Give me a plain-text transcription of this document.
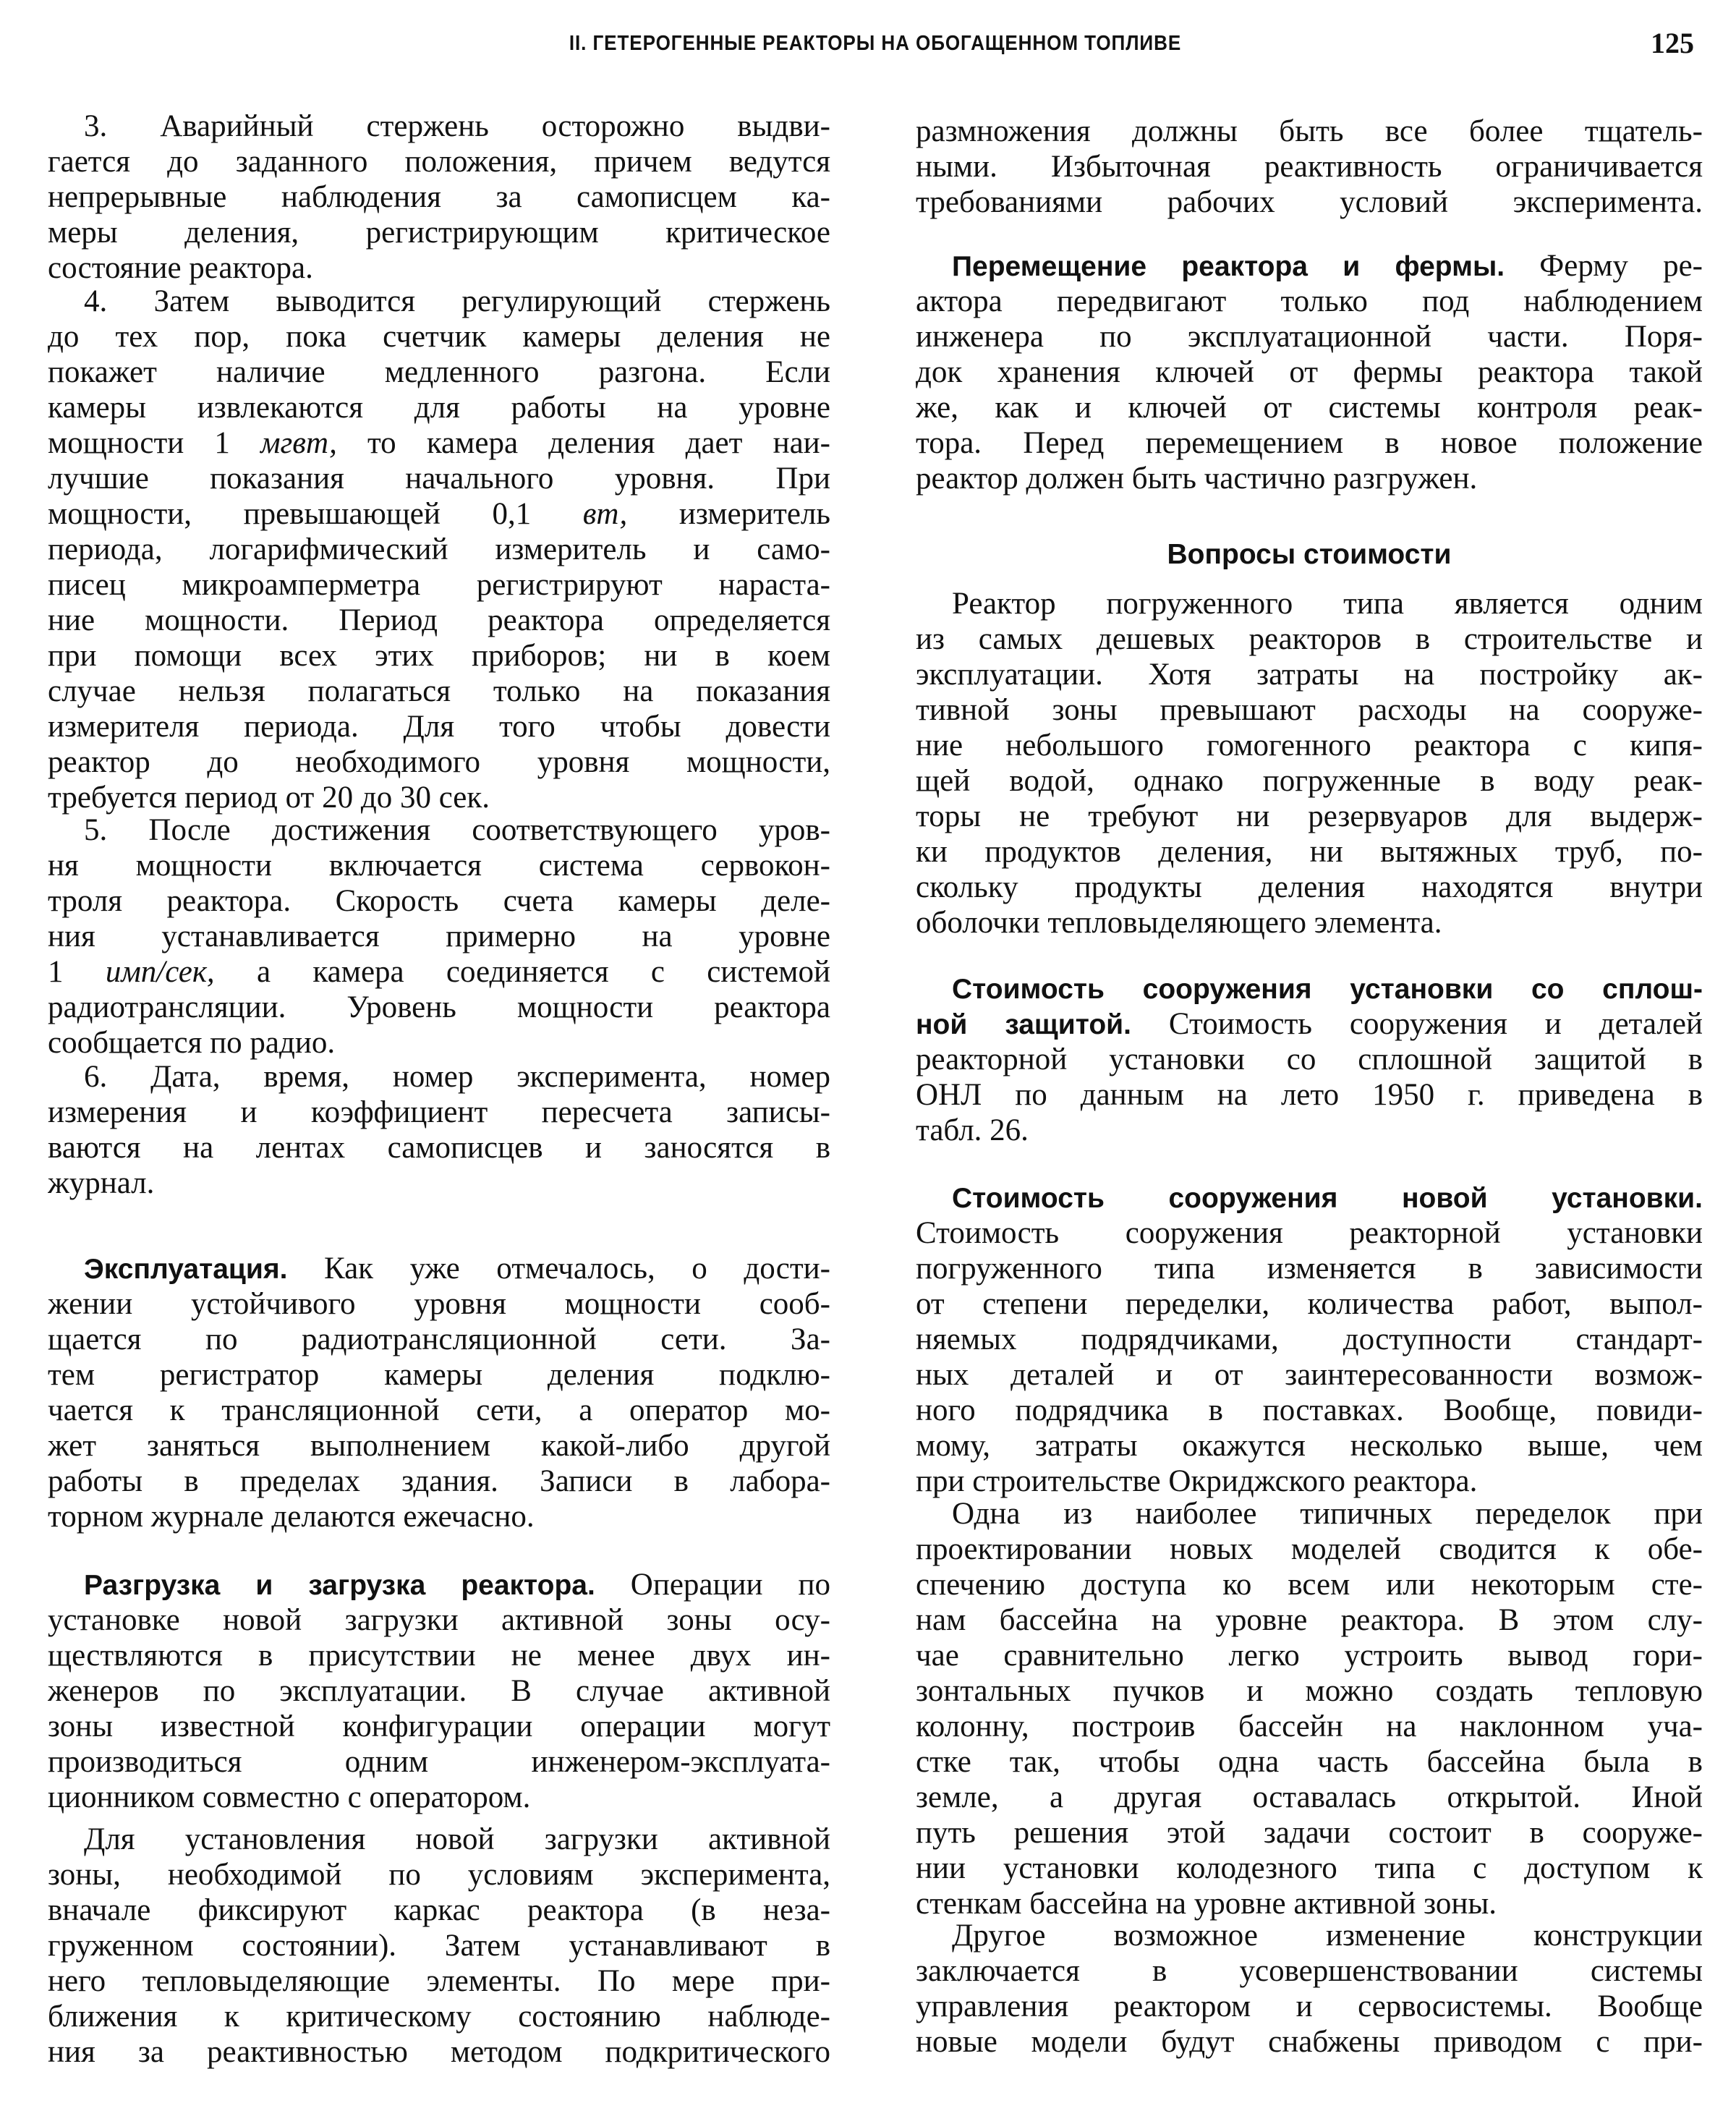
II. ГЕТЕРОГЕННЫЕ РЕАКТОРЫ НА ОБОГАЩЕННОМ ТОПЛИВЕ	125
Вопросы стоимости
3. Аварийный стержень осторожно выдви-
гается до заданного положения, причем ведутся
непрерывные наблюдения за самописцем ка-
меры деления, регистрирующим критическое
состояние реактора.
4. Затем выводится регулирующий стержень
до тех пор, пока счетчик камеры деления не
покажет наличие медленного разгона. Если
камеры извлекаются для работы на уровне
мощности 1 мгвт, то камера деления дает наи-
лучшие показания начального уровня. При
мощности, превышающей 0,1 вт, измеритель
периода, логарифмический измеритель и само-
писец микроамперметра регистрируют нараста-
ние мощности. Период реактора определяется
при помощи всех этих приборов; ни в коем
случае нельзя полагаться только на показания
измерителя периода. Для того чтобы довести
реактор до необходимого уровня мощности,
требуется период от 20 до 30 сек.
5. После достижения соответствующего уров-
ня мощности включается система сервокон-
троля реактора. Скорость счета камеры деле-
ния устанавливается примерно на уровне
1 имп/сек, а камера соединяется с системой
радиотрансляции. Уровень мощности реактора
сообщается по радио.
6. Дата, время, номер эксперимента, номер
измерения и коэффициент пересчета записы-
ваются на лентах самописцев и заносятся в
журнал.
Эксплуатация. Как уже отмечалось, о дости-
жении устойчивого уровня мощности сооб-
щается по радиотрансляционной сети. За-
тем регистратор камеры деления подклю-
чается к трансляционной сети, а оператор мо-
жет заняться выполнением какой-либо другой
работы в пределах здания. Записи в лабора-
торном журнале делаются ежечасно.
Разгрузка и загрузка реактора. Операции по
установке новой загрузки активной зоны осу-
ществляются в присутствии не менее двух ин-
женеров по эксплуатации. В случае активной
зоны известной конфигурации операции могут
производиться одним инженером-эксплуата-
ционником совместно с оператором.
Для установления новой загрузки активной
зоны, необходимой по условиям эксперимента,
вначале фиксируют каркас реактора (в неза-
груженном состоянии). Затем устанавливают в
него тепловыделяющие элементы. По мере при-
ближения к критическому состоянию наблюде-
ния за реактивностью методом подкритического
размножения должны быть все более тщатель-
ными. Избыточная реактивность ограничивается
требованиями рабочих условий эксперимента.
Перемещение реактора и фермы. Ферму ре-
актора передвигают только под наблюдением
инженера по эксплуатационной части. Поря-
док хранения ключей от фермы реактора такой
же, как и ключей от системы контроля реак-
тора. Перед перемещением в новое положение
реактор должен быть частично разгружен.
Реактор погруженного типа является одним
из самых дешевых реакторов в строительстве и
эксплуатации. Хотя затраты на постройку ак-
тивной зоны превышают расходы на сооруже-
ние небольшого гомогенного реактора с кипя-
щей водой, однако погруженные в воду реак-
торы не требуют ни резервуаров для выдерж-
ки продуктов деления, ни вытяжных труб, по-
скольку продукты деления находятся внутри
оболочки тепловыделяющего элемента.
Стоимость сооружения установки со сплош-
ной защитой. Стоимость сооружения и деталей
реакторной установки со сплошной защитой в
ОНЛ по данным на лето 1950 г. приведена в
табл. 26.
Стоимость сооружения новой установки.
Стоимость сооружения реакторной установки
погруженного типа изменяется в зависимости
от степени переделки, количества работ, выпол-
няемых подрядчиками, доступности стандарт-
ных деталей и от заинтересованности возмож-
ного подрядчика в поставках. Вообще, повиди-
мому, затраты окажутся несколько выше, чем
при строительстве Окриджского реактора.
Одна из наиболее типичных переделок при
проектировании новых моделей сводится к обе-
спечению доступа ко всем или некоторым сте-
нам бассейна на уровне реактора. В этом слу-
чае сравнительно легко устроить вывод гори-
зонтальных пучков и можно создать тепловую
колонну, построив бассейн на наклонном уча-
стке так, чтобы одна часть бассейна была в
земле, а другая оставалась открытой. Иной
путь решения этой задачи состоит в сооруже-
нии установки колодезного типа с доступом к
стенкам бассейна на уровне активной зоны.
Другое возможное изменение конструкции
заключается в усовершенствовании системы
управления реактором и сервосистемы. Вообще
новые модели будут снабжены приводом с при-
